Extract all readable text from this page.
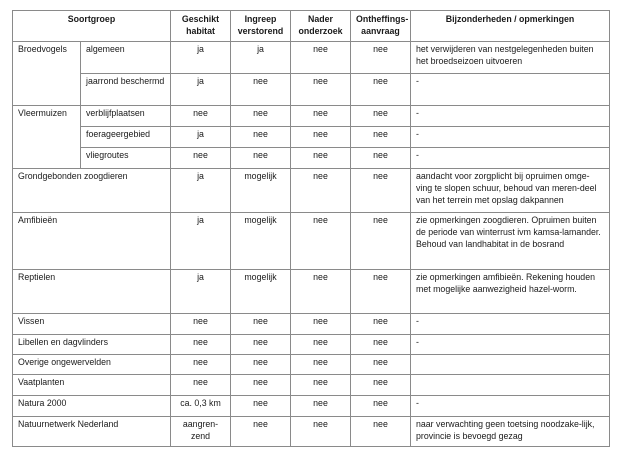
Soortgroep		Geschikt habitat	Ingreep verstorend	Nader onderzoek	Ontheffings-aanvraag	Bijzonderheden / opmerkingen
Broedvogels	algemeen	ja	ja	nee	nee	het verwijderen van nestgelegenheden buiten het broedseizoen uitvoeren
	jaarrond beschermd	ja	nee	nee	nee	-
Vleermuizen	verblijfplaatsen	nee	nee	nee	nee	-
	foerageergebied	ja	nee	nee	nee	-
	vliegroutes	nee	nee	nee	nee	-
Grondgebonden zoogdieren		ja	mogelijk	nee	nee	aandacht voor zorgplicht bij opruimen omge-ving te slopen schuur, behoud van meren-deel van het terrein met opslag dakpannen
Amfibieën		ja	mogelijk	nee	nee	zie opmerkingen zoogdieren. Opruimen buiten de periode van winterrust ivm kamsa-lamander. Behoud van landhabitat in de bosrand
Reptielen		ja	mogelijk	nee	nee	zie opmerkingen amfibieën. Rekening houden met mogelijke aanwezigheid hazel-worm.
Vissen		nee	nee	nee	nee	-
Libellen en dagvlinders		nee	nee	nee	nee	-
Overige ongewervelden		nee	nee	nee	nee	
Vaatplanten		nee	nee	nee	nee	
Natura 2000		ca. 0,3 km	nee	nee	nee	-
Natuurnetwerk Nederland		aangren-zend	nee	nee	nee	naar verwachting geen toetsing noodzake-lijk, provincie is bevoegd gezag
